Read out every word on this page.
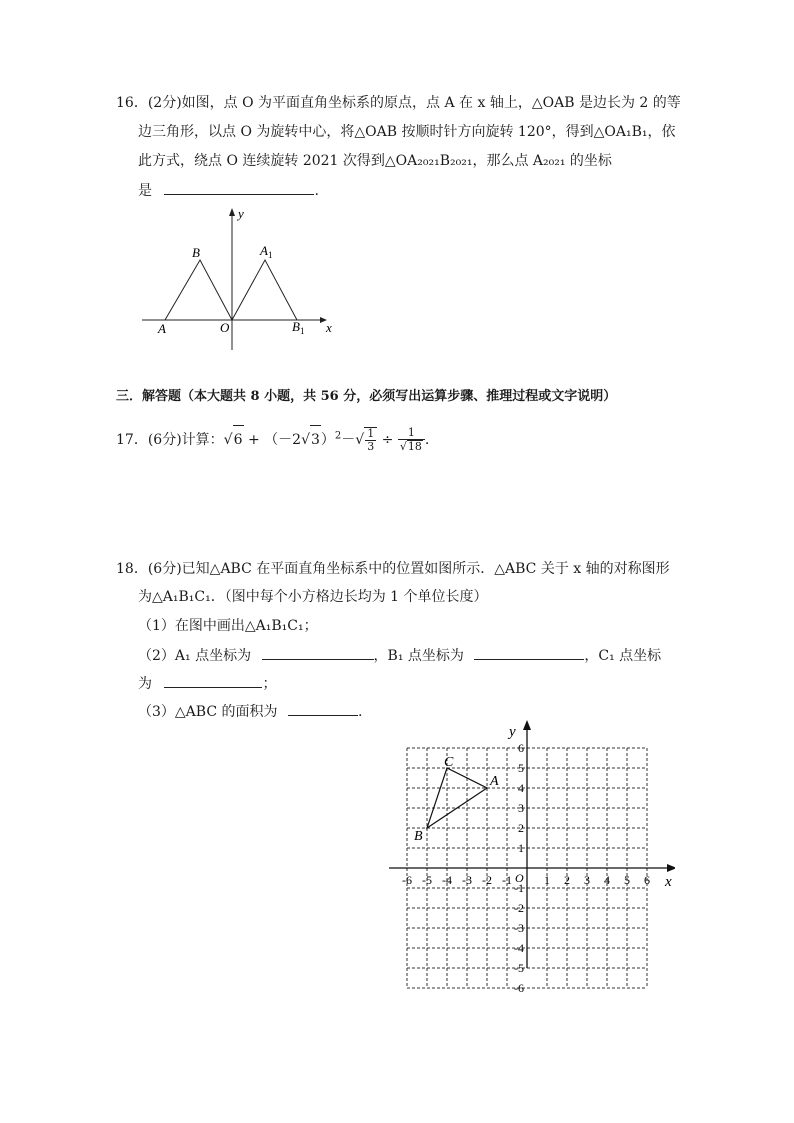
16．(2分)如图，点 O 为平面直角坐标系的原点，点 A 在 x 轴上，△OAB 是边长为 2 的等
边三角形，以点 O 为旋转中心，将△OAB 按顺时针方向旋转 120°，得到△OA₁B₁，依
此方式，绕点 O 连续旋转 2021 次得到△OA₂₀₂₁B₂₀₂₁，那么点 A₂₀₂₁ 的坐标
是	.
y
x
O
A
B	$A_1$
$B_1$
三．解答题（本大题共 8 小题，共 56 分，必须写出运算步骤、推理过程或文字说明）
17．(6分)计算：$√6 + (-2√3)^2-√ \frac{1}{3} \div \frac{1}{√18}$ .
18．(6分)已知△ABC 在平面直角坐标系中的位置如图所示．△ABC 关于 x 轴的对称图形
为△A₁B₁C₁．（图中每个小方格边长均为 1 个单位长度）
（1）在图中画出△A₁B₁C₁；
（2）A₁ 点坐标为	，B₁ 点坐标为	，C₁ 点坐标
为	；
（3）△ABC 的面积为	.
x
y
O
-6 -5 -4 -3 -2 -1	1 2 3 4 5 6
6
5
4
3
2
1
-1
-2
-3
-4
-5
-6
A
B
C
